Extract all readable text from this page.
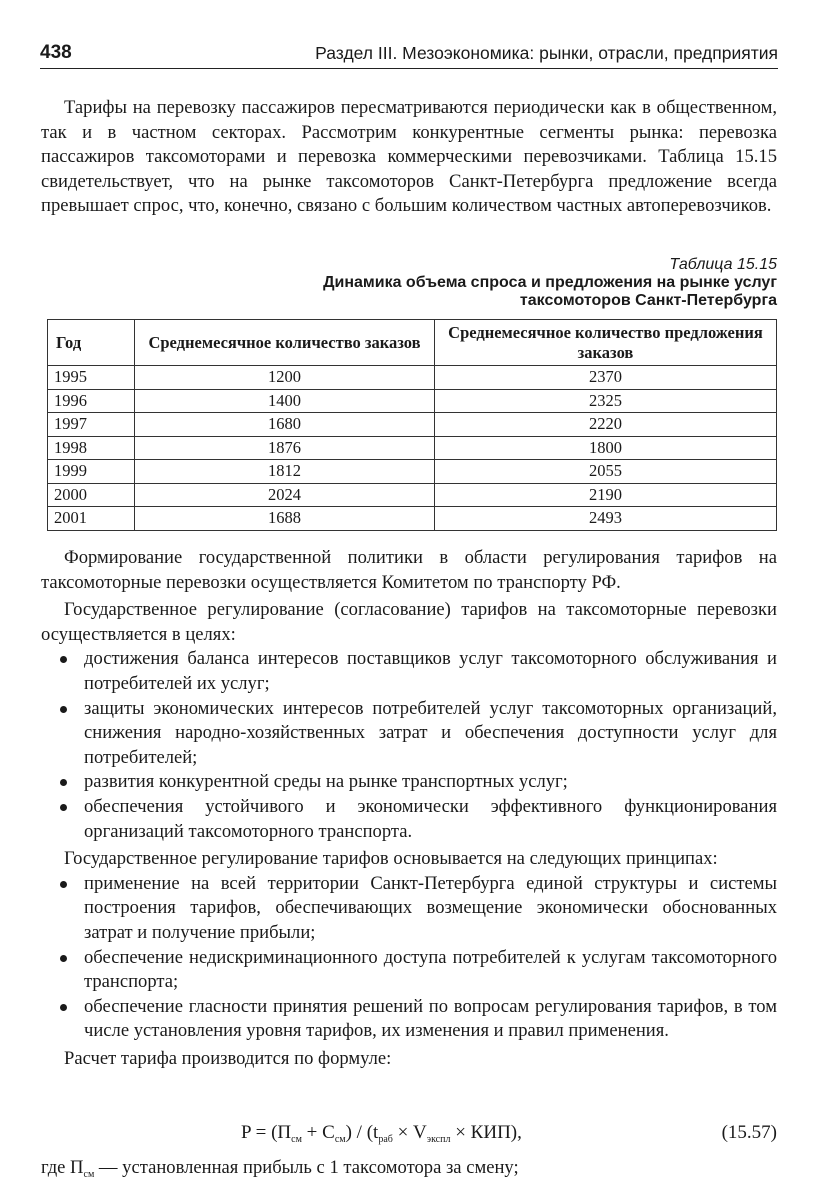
438	Раздел III. Мезоэкономика: рынки, отрасли, предприятия

Тарифы на перевозку пассажиров пересматриваются периодически как в общественном, так и в частном секторах. Рассмотрим конкурентные сегменты рынка: перевозка пассажиров таксомоторами и перевозка коммерческими перевозчиками. Таблица 15.15 свидетельствует, что на рынке таксомоторов Санкт-Петербурга предложение всегда превышает спрос, что, конечно, связано с большим количеством частных автоперевозчиков.

Таблица 15.15
Динамика объема спроса и предложения на рынке услуг
таксомоторов Санкт-Петербурга
Год	Среднемесячное количество заказов	Среднемесячное количество предложения заказов
1995	1200	2370
1996	1400	2325
1997	1680	2220
1998	1876	1800
1999	1812	2055
2000	2024	2190
2001	1688	2493

Формирование государственной политики в области регулирования тарифов на таксомоторные перевозки осуществляется Комитетом по транспорту РФ.

Государственное регулирование (согласование) тарифов на таксомоторные перевозки осуществляется в целях:

достижения баланса интересов поставщиков услуг таксомоторного обслуживания и потребителей их услуг;
защиты экономических интересов потребителей услуг таксомоторных организаций, снижения народно-хозяйственных затрат и обеспечения доступности услуг для потребителей;
развития конкурентной среды на рынке транспортных услуг;
обеспечения устойчивого и экономически эффективного функционирования организаций таксомоторного транспорта.

Государственное регулирование тарифов основывается на следующих принципах:

применение на всей территории Санкт-Петербурга единой структуры и системы построения тарифов, обеспечивающих возмещение экономически обоснованных затрат и получение прибыли;
обеспечение недискриминационного доступа потребителей к услугам таксомоторного транспорта;
обеспечение гласности принятия решений по вопросам регулирования тарифов, в том числе установления уровня тарифов, их изменения и правил применения.

Расчет тарифа производится по формуле:

$P = (П_{см} + С_{см}) / (t_{раб} \times V_{экспл} \times КИП)$,	(15.57)
где $П_{см}$ — установленная прибыль с 1 таксомотора за смену;
